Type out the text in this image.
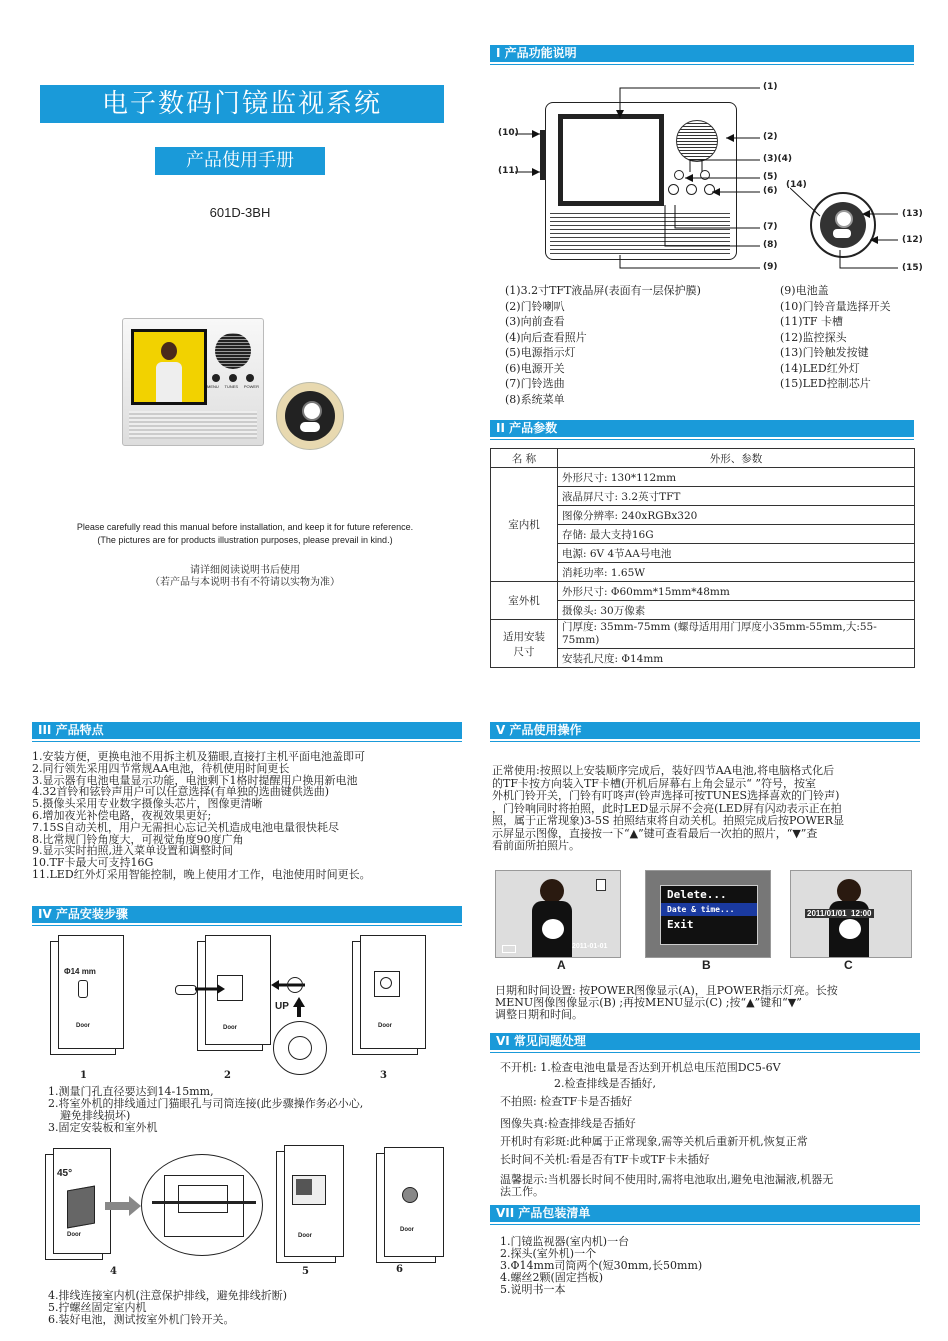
电子数码门镜监视系统
产品使用手册
601D-3BH
MENU TUNES POWER
Please carefully read this manual before installation, and keep it for future reference.
(The pictures are for products illustration purposes, please prevail in kind.)
请详细阅读说明书后使用
（若产品与本说明书有不符请以实物为准）
I 产品功能说明
(1)
(2)
(3)(4)
(5)
(6)
(7)
(8)
(9)
(10)
(11)
(14)
(13)
(12)
(15)
(1)3.2寸TFT液晶屏(表面有一层保护膜)
(2)门铃喇叭
(3)向前查看
(4)向后查看照片
(5)电源指示灯
(6)电源开关
(7)门铃选曲
(8)系统菜单
(9)电池盖
(10)门铃音量选择开关
(11)TF 卡槽
(12)监控探头
(13)门铃触发按键
(14)LED红外灯
(15)LED控制芯片
II 产品参数
名 称	外形、参数
室内机	外形尺寸: 130*112mm
	液晶屏尺寸: 3.2英寸TFT
	图像分辨率: 240xRGBx320
	存储: 最大支持16G
	电源: 6V 4节AA号电池
	消耗功率: 1.65W
室外机	外形尺寸: Φ60mm*15mm*48mm
	摄像头: 30万像素
适用安装尺寸	门厚度: 35mm-75mm (螺母适用用门厚度小35mm-55mm,大:55-75mm)
	安装孔尺度: Φ14mm
III 产品特点
1.安装方便，更换电池不用拆主机及猫眼,直接打主机平面电池盖即可
2.同行领先采用四节常规AA电池，待机使用时间更长
3.显示器有电池电量显示功能，电池剩下1格时提醒用户换用新电池
4.32首铃和铉铃声用户可以任意选择(有单独的选曲键供选曲)
5.摄像头采用专业数字摄像头芯片，图像更清晰
6.增加夜光补偿电路，夜视效果更好;
7.15S自动关机，用户无需担心忘记关机造成电池电量很快耗尽
8.比常规门铃角度大，可视觉角度90度广角
9.显示实时拍照,进入菜单设置和调整时间
10.TF卡最大可支持16G
11.LED红外灯采用智能控制，晚上使用才工作，电池使用时间更长。
IV 产品安装步骤
Φ14 mm
Door
1
UP
Door
2
Door
3
1.测量门孔直径要达到14-15mm,
2.将室外机的排线通过门猫眼孔与司筒连接(此步骤操作务必小心,
避免排线损坏)
3.固定安装板和室外机
45°
Door
4
Door
5
Door
6
4.排线连接室内机(注意保护排线，避免排线折断)
5.拧螺丝固定室内机
6.装好电池，测试按室外机门铃开关。
V 产品使用操作
正常使用:按照以上安装顺序完成后，装好四节AA电池,将电脑格式化后
的TF卡按方向装入TF卡槽(开机后屏幕右上角会显示“ ”符号，按室
外机门铃开关，门铃有叮咚声(铃声选择可按TUNES选择喜欢的门铃声)
，门铃响同时将拍照，此时LED显示屏不会亮(LED屏有闪动表示正在拍
照，属于正常现象)3-5S 拍照结束将自动关机。拍照完成后按POWER显
示屏显示图像，直接按一下“▲”键可查看最后一次拍的照片，“▼”查
看前面所拍照片。
2011-01-01
A
Delete...
Date & time...
Exit
B
2011/01/01  12:00
C
日期和时间设置: 按POWER图像显示(A)，且POWER指示灯亮。长按
MENU图像图像显示(B) ;再按MENU显示(C) ;按“▲”键和“▼”
调整日期和时间。
VI 常见问题处理
不开机: 1.检查电池电量是否达到开机总电压范围DC5-6V
2.检查排线是否插好,
不拍照: 检查TF卡是否插好
图像失真:检查排线是否插好
开机时有彩斑:此种属于正常现象,需等关机后重新开机,恢复正常
长时间不关机:看是否有TF卡或TF卡未插好
温馨提示:当机器长时间不使用时,需将电池取出,避免电池漏液,机器无
法工作。
VII 产品包装清单
1.门镜监视器(室内机)一台
2.探头(室外机)一个
3.Φ14mm司筒两个(短30mm,长50mm)
4.螺丝2颗(固定挡板)
5.说明书一本
